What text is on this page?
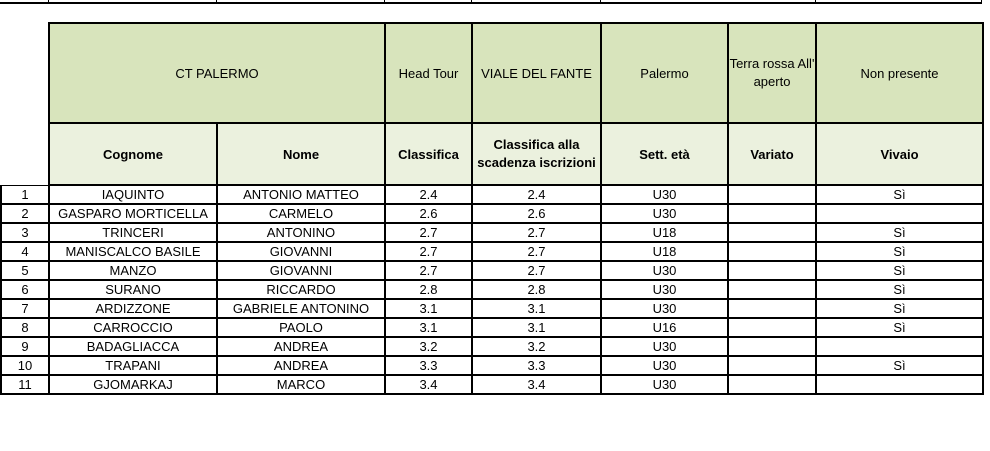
	CT PALERMO		Head Tour	VIALE DEL FANTE	Palermo	Terra rossa All' aperto	Non presente
	Cognome	Nome	Classifica	Classifica alla scadenza iscrizioni	Sett. età	Variato	Vivaio
1	IAQUINTO	ANTONIO MATTEO	2.4	2.4	U30		Sì
2	GASPARO MORTICELLA	CARMELO	2.6	2.6	U30		
3	TRINCERI	ANTONINO	2.7	2.7	U18		Sì
4	MANISCALCO BASILE	GIOVANNI	2.7	2.7	U18		Sì
5	MANZO	GIOVANNI	2.7	2.7	U30		Sì
6	SURANO	RICCARDO	2.8	2.8	U30		Sì
7	ARDIZZONE	GABRIELE ANTONINO	3.1	3.1	U30		Sì
8	CARROCCIO	PAOLO	3.1	3.1	U16		Sì
9	BADAGLIACCA	ANDREA	3.2	3.2	U30		
10	TRAPANI	ANDREA	3.3	3.3	U30		Sì
11	GJOMARKAJ	MARCO	3.4	3.4	U30		
